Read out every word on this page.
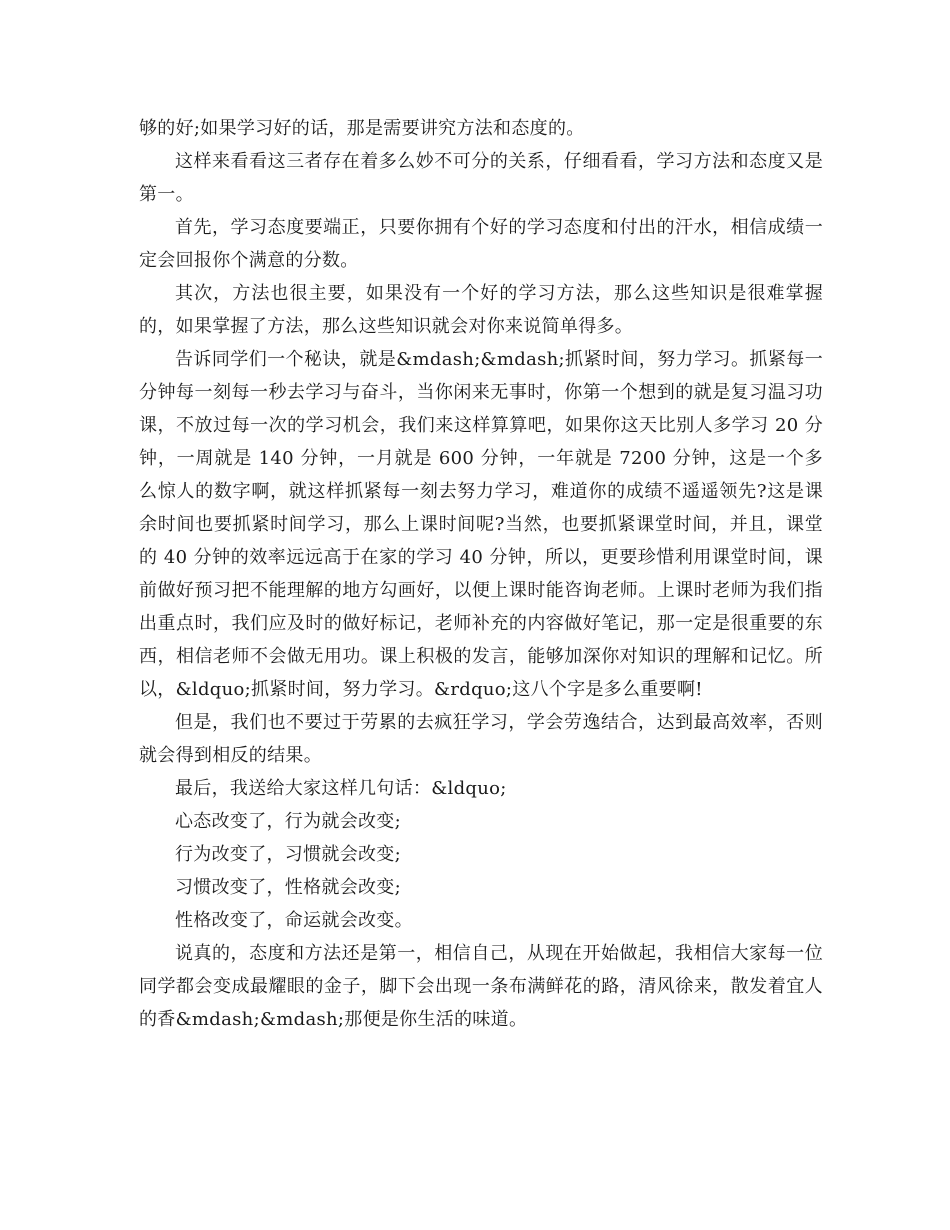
够的好;如果学习好的话，那是需要讲究方法和态度的。

这样来看看这三者存在着多么妙不可分的关系，仔细看看，学习方法和态度又是第一。

首先，学习态度要端正，只要你拥有个好的学习态度和付出的汗水，相信成绩一定会回报你个满意的分数。

其次，方法也很主要，如果没有一个好的学习方法，那么这些知识是很难掌握的，如果掌握了方法，那么这些知识就会对你来说简单得多。

告诉同学们一个秘诀，就是&mdash;&mdash;抓紧时间，努力学习。抓紧每一分钟每一刻每一秒去学习与奋斗，当你闲来无事时，你第一个想到的就是复习温习功课，不放过每一次的学习机会，我们来这样算算吧，如果你这天比别人多学习 20 分钟，一周就是 140 分钟，一月就是 600 分钟，一年就是 7200 分钟，这是一个多么惊人的数字啊，就这样抓紧每一刻去努力学习，难道你的成绩不遥遥领先?这是课余时间也要抓紧时间学习，那么上课时间呢?当然，也要抓紧课堂时间，并且，课堂的 40 分钟的效率远远高于在家的学习 40 分钟，所以，更要珍惜利用课堂时间，课前做好预习把不能理解的地方勾画好，以便上课时能咨询老师。上课时老师为我们指出重点时，我们应及时的做好标记，老师补充的内容做好笔记，那一定是很重要的东西，相信老师不会做无用功。课上积极的发言，能够加深你对知识的理解和记忆。所以，&ldquo;抓紧时间，努力学习。&rdquo;这八个字是多么重要啊!

但是，我们也不要过于劳累的去疯狂学习，学会劳逸结合，达到最高效率，否则就会得到相反的结果。

最后，我送给大家这样几句话：&ldquo;

心态改变了，行为就会改变;

行为改变了，习惯就会改变;

习惯改变了，性格就会改变;

性格改变了，命运就会改变。

说真的，态度和方法还是第一，相信自己，从现在开始做起，我相信大家每一位同学都会变成最耀眼的金子，脚下会出现一条布满鲜花的路，清风徐来，散发着宜人的香&mdash;&mdash;那便是你生活的味道。
